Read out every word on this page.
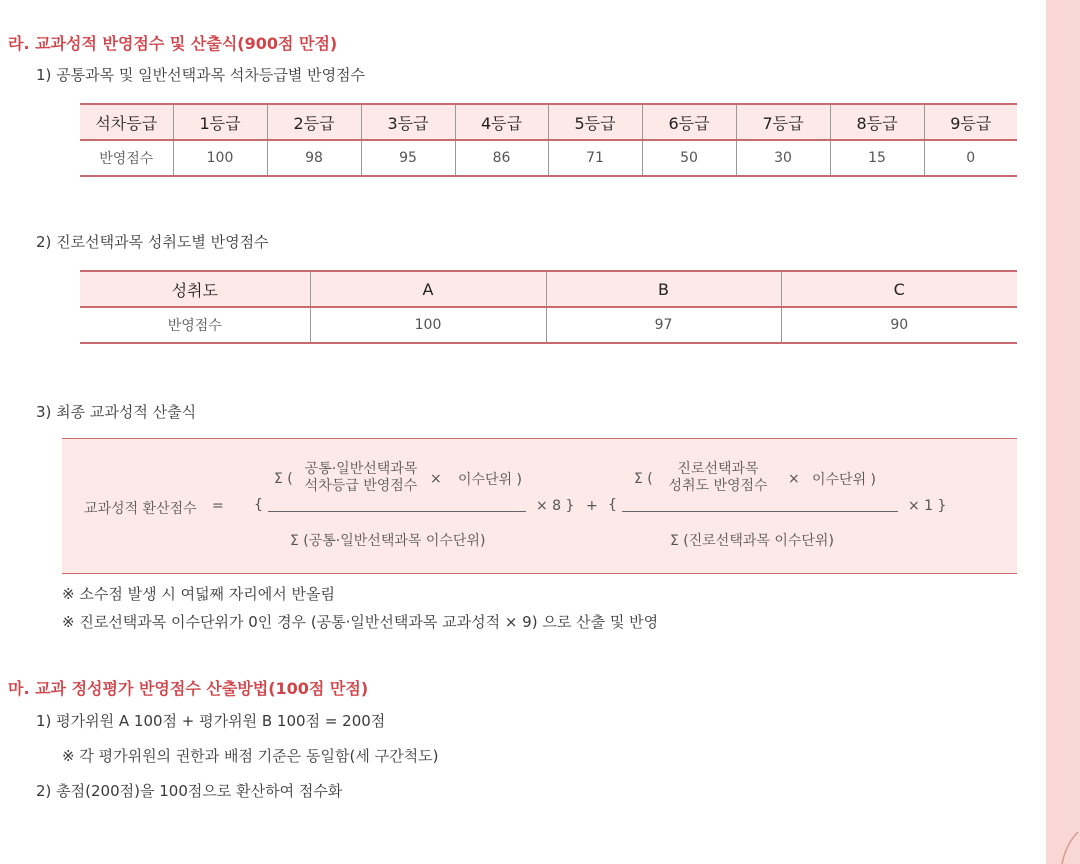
라. 교과성적 반영점수 및 산출식(900점 만점)
1) 공통과목 및 일반선택과목 석차등급별 반영점수
석차등급	1등급	2등급	3등급	4등급	5등급	6등급	7등급	8등급	9등급
반영점수	100	98	95	86	71	50	30	15	0
2) 진로선택과목 성취도별 반영점수
성취도	A	B	C
반영점수	100	97	90
3) 최종 교과성적 산출식
교과성적 환산점수 = {
Σ (
공통·일반선택과목
석차등급 반영점수 × 이수단위 )
Σ (공통·일반선택과목 이수단위)
× 8 } + {
Σ (
진로선택과목
성취도 반영점수	× 이수단위 )
Σ (진로선택과목 이수단위)
× 1 }
※ 소수점 발생 시 여덟째 자리에서 반올림
※ 진로선택과목 이수단위가 0인 경우 (공통·일반선택과목 교과성적 × 9) 으로 산출 및 반영
마. 교과 정성평가 반영점수 산출방법(100점 만점)
1) 평가위원 A 100점 + 평가위원 B 100점 = 200점
※ 각 평가위원의 권한과 배점 기준은 동일함(세 구간척도)
2) 총점(200점)을 100점으로 환산하여 점수화
